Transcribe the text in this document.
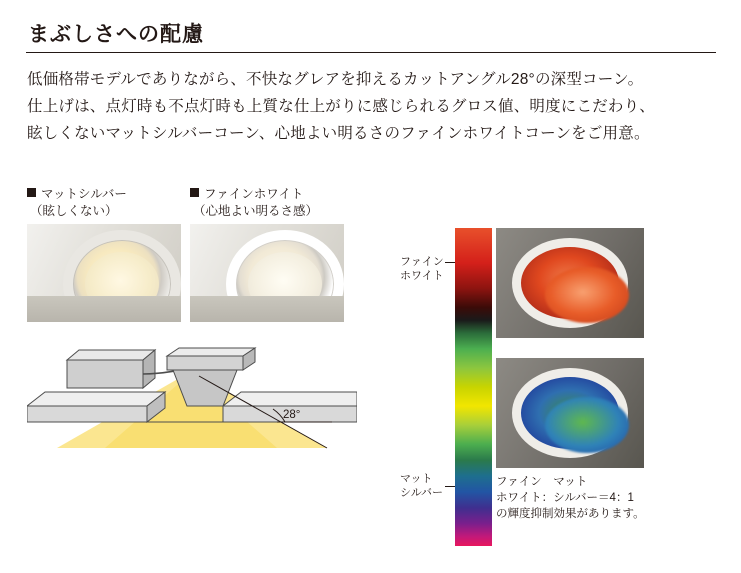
まぶしさへの配慮
低価格帯モデルでありながら、不快なグレアを抑えるカットアングル28°の深型コーン。
仕上げは、点灯時も不点灯時も上質な仕上がりに感じられるグロス値、明度にこだわり、
眩しくないマットシルバーコーン、心地よい明るさのファインホワイトコーンをご用意。
マットシルバー
（眩しくない）
ファインホワイト
（心地よい明るさ感）
28°
ファイン
ホワイト
マット
シルバー
ファイン　マット
ホワイト：シルバー＝4：1
の輝度抑制効果があります。
